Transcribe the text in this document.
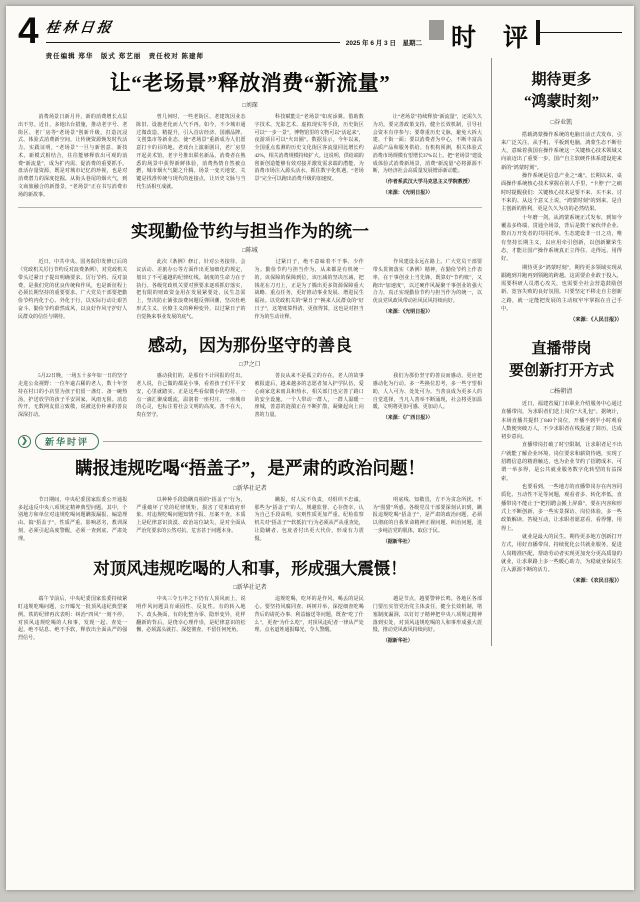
4 桂林日报
2025 年 6 月 3 日　星期二
责任编辑 郑华　版式 郑艺丽　责任校对 陈建师
时　评
让“老场景”释放消费“新流量”
□刘琛

　　消费场景日新月异，新的消费增长点层出不穷。近日，多地出台措施，推动老字号、老街区、老厂房等“老场景”创新升级，打造沉浸式、体验式消费新空间，让传统资源焕发时代活力。实践证明，“老场景”一旦与新创意、新技术、新模式相结合，往往能够释放出可观的消费“新流量”，成为扩内需、促消费的重要抓手。盘活存量资源，既是对城市记忆的珍视，也是对消费潜力的深度挖掘。从街头巷尾的烟火气，到文商旅融合的新图景，“老场景”正在书写消费市场的新故事。

　　曾几何时，一些老街区、老建筑因业态陈旧、设施老化而人气不再。如今，不少城市通过微改造、精提升，引入首店经济、国潮品牌、文创集市等新业态，使“老场景”重新成为人们愿意打卡的目的地。老戏台上演新剧目，老厂房里开起美术馆，老字号推出联名新品，消费者在熟悉的场景中获得新鲜体验，消费热情自然被点燃，城市烟火气随之升腾。场景一变天地宽，关键是找准传统与现代的连接点，让历史文脉与当代生活相互成就。

　　科技赋能让“老场景”如虎添翼。借助数字技术、光影艺术、虚拟现实等手段，历史街区可以“一步一景”，博物馆里的文物可以“活起来”，夜游项目可以“火出圈”。数据显示，今年以来，全国重点监测的历史文化街区客流量同比增长约42%，相关消费规模持续扩大。这说明，供给端的创新创造能够有效对接并激发需求端的潜能，为消费市场注入源头活水。抓住数字化机遇，“老场景”完全可以跑出消费升级的加速度。

　　让“老场景”持续释放“新流量”，还需久久为功。要完善政策支持，健全长效机制，引导社会资本有序参与；要尊重历史文脉，避免大拆大建、千街一面；要以消费者为中心，不断丰富高品质产品和服务供给。有机构预测，相关体验式消费市场规模有望增长37%以上。把“老场景”建设成体验式消费新场景，消费“新流量”必将源源不断，为经济社会高质量发展增添新动能。

（作者系武汉大学马克思主义学院教授）

（来源：《光明日报》）

实现勤俭节约与担当作为的统一
□陈城

　　近日，中共中央、国务院印发修订后的《党政机关厉行节约反对浪费条例》，对党政机关带头过紧日子提出明确要求。厉行节约、反对浪费，是我们党的优良传统和作风，也是新征程上必须长期坚持的重要要求。广大党员干部要把勤俭节约内化于心、外化于行，以实际行动让艰苦奋斗、勤俭节约蔚然成风，以良好作风守护好人民群众的信任与期待。

　　此次《条例》修订，针对公务接待、会议活动、差旅办公等方面作出更加细化的规定，划出了不可逾越的纪律红线。制度的生命力在于执行。各级党政机关要对照要求逐项抓好落实，把有限的财政资金用在发展紧要处、民生急需上，坚决防止铺张浪费问题反弹回潮，坚决杜绝形式主义、官僚主义的种种变异，以过紧日子的自觉换来事业发展的底气。

　　过紧日子，绝不意味着不干事、少作为。勤俭节约与担当作为，从来都是有机统一的。该保障的保障到位，该压减的坚决压减，把钱花在刀刃上，正是为了腾出更多资源保障重大战略、重点任务，更好推动事业发展、增进民生福祉。以党政机关的“紧日子”换来人民群众的“好日子”，这笔账算得清、更值得算，这也是对担当作为的生动诠释。

　　作风建设永远在路上。广大党员干部要带头贯彻落实《条例》精神，在勤俭节约上作表率，在干事创业上当先锋，既算好“节约账”，又跑出“加速度”，以过硬作风凝聚干事创业的强大合力，真正实现勤俭节约与担当作为的统一，以优良党风政风带动社风民风持续向好。

（来源：《光明日报》）

感动，因为那份坚守的善良
□尹之口

　　5月22日晚，一场五十多年如一日的坚守走进公众视野：一位年逾古稀的老人，数十年坚持在村口的小店里为孩子们留一盏灯、备一碗热汤，护送放学的孩子平安回家，风雨无阻。消息传开，无数网友留言致敬，说被这份朴素的善良深深打动。

　　感动我们的，是那份不计回报的付出。老人说，自己做的都是小事，看着孩子们平平安安，心里就踏实。正是这些看似微小的坚持，一点一滴汇聚成暖流，温润着一座村庄、一座城市的心灵，也标注着社会文明的高度。善不在大，贵在坚守。

　　善良从来不是孤立的存在。老人的故事被报道后，越来越多的志愿者加入护学队伍，爱心商家送来雨具和热水，相关部门也完善了路口的安全设施。一个人带动一群人，一群人温暖一座城，善意的涟漪正在不断扩散，凝聚起向上向善的力量。

　　我们为那份坚守的善良而感动，更应把感动化为行动。多一些换位思考，多一些守望相助，人人可为、处处可为。当善良成为更多人的自觉选择，当凡人善举不断涌现，社会将更加温暖，文明将更加可感、更加动人。

（来源：《广西日报》）

❯	新华时评
瞒报违规吃喝“捂盖子”，是严肃的政治问题！
□新华社记者

　　节日期间，中央纪委国家监委公开通报多起违反中央八项规定精神典型问题。其中，个别地方和单位对违规吃喝问题瞒报漏报、编造理由、搞“捂盖子”，性质严重、影响恶劣，教训深刻，必须引起高度警醒，必须一查到底、严肃处理。

　　以种种手段隐瞒真相的“捂盖子”行为，严重破坏了党的纪律规矩，损害了党和政府形象。对违规吃喝问题知情不报、压案不查，本质上是纪律意识淡漠、政治站位缺失，是对全面从严治党要求的公然对抗，危害甚于问题本身。

　　瞒报，对人民不负责，对组织不忠诚。那些为“捂盖子”的人，规避监督、心存侥幸，认为自己手段高明，实则性质更加严重。纪检监察机关对“捂盖子”“软抵抗”行为必须从严从重查处，让隐瞒者、包庇者付出更大代价，形成有力震慑。

　　明底线、知敬畏，方不为贪念所扰、不为“围猎”所惑。各级党员干部要深刻认识到，瞒报违规吃喝“捂盖子”，是严肃的政治问题，必须以彻底的自我革命精神正视问题、纠治问题，进一步纯洁党的肌体，取信于民。

（据新华社）

对顶风违规吃喝的人和事，形成强大震慑！
□新华社记者

　　端午节前后，中央纪委国家监委持续紧盯违规吃喝问题，公开曝光一批顶风违纪典型案例。铁的纪律再次表明：纠治“四风”一刻不停，对顶风违规吃喝的人和事，发现一起、查处一起，绝不姑息、绝不手软，释放出全面从严的强烈信号。

　　中央三令五申之下仍有人顶风而上，说明作风问题具有顽固性、反复性。有的转入地下、改头换面，有的化整为零、隐形变异，花样翻新的背后，是侥幸心理作祟，是纪律意识的松懈，必须露头就打、深挖彻查，不留任何死角。

　　违规吃喝，吃坏的是作风，喝丢的是民心。要坚持风腐同查、纠树并举，深挖细查吃喝背后的请托办事、利益输送等问题，既查“吃了什么”，更查“为什么吃”，对顶风违纪者一律从严处理、点名道姓通报曝光，令人警醒。

　　越是节点，越要警钟长鸣。各地区各部门要压实管党治党主体责任，健全长效机制，堵塞制度漏洞，以钉钉子精神把中央八项规定精神落到实处，对顶风违规吃喝的人和事形成强大震慑，推动党风政风持续向好。

（据新华社）

期待更多
“鸿蒙时刻”
□谷业凯

　　搭载鸿蒙操作系统的电脑日前正式发布，引来广泛关注。从手机、平板到电脑，鸿蒙生态不断壮大，意味着我国在操作系统这一关键核心技术领域又向前迈出了重要一步，国产自主软硬件体系建设迎来新的“鸿蒙时刻”。

　　操作系统是信息产业之“魂”。长期以来，桌面操作系统核心技术掌握在别人手里，“卡脖子”之痛时时提醒我们：关键核心技术是要不来、买不来、讨不来的。从这个意义上说，“鸿蒙时刻”的到来，是自主创新的胜利，更是久久为功的必然结果。

　　十年磨一剑。从鸿蒙系统正式发布，到如今覆盖多终端、贯通全场景，背后是数千家伙伴企业、数百万开发者的共同托举。生态建设非一日之功，唯有坚持长期主义，以应用牵引创新，以创新繁荣生态，才能让国产操作系统真正立得住、走得远、用得好。

　　期待更多“鸿蒙时刻”，期待更多领域实现从跟跑到并跑再到领跑的跨越。这需要企业敢于投入，需要科研人员潜心攻关，也需要全社会营造鼓励创新、宽容失败的良好氛围。只要坚定不移走自主创新之路，就一定能把发展的主动权牢牢掌握在自己手中。

（来源：《人民日报》）
直播带岗
要创新打开方式
□杨朝清

　　近日，福建省厦门市职业介绍服务中心通过直播带岗，为求职者们送上岗位“大礼包”。据统计，本场直播共提供了840个岗位，开播不到半小时观看人数便突破万人，不少求职者在线投递了简历，达成初步意向。

　　直播带岗打破了时空限制，让求职者足不出户就能了解企业环境、岗位要求和薪资待遇，实现了招聘信息的精准触达，也为企业节约了招聘成本，可谓一举多得，是公共就业服务数字化转型的有益探索。

　　也要看到，一些地方的直播带岗存在内容同质化、互动性不足等问题，观看者多、转化率低。直播带岗不能止于“把招聘会搬上屏幕”，要在内容和形式上不断创新，多一些实景探访、岗位体验，多一些政策解读、答疑互动，让求职者愿意看、看得懂、用得上。

　　就业是最大的民生。期待更多地方创新打开方式，用好直播带岗，持续优化公共就业服务，促进人岗精准匹配，帮助劳动者实现更加充分更高质量的就业，让求职路上多一些暖心助力，为稳就业保民生注入源源不断的活力。

（来源：《农民日报》）
